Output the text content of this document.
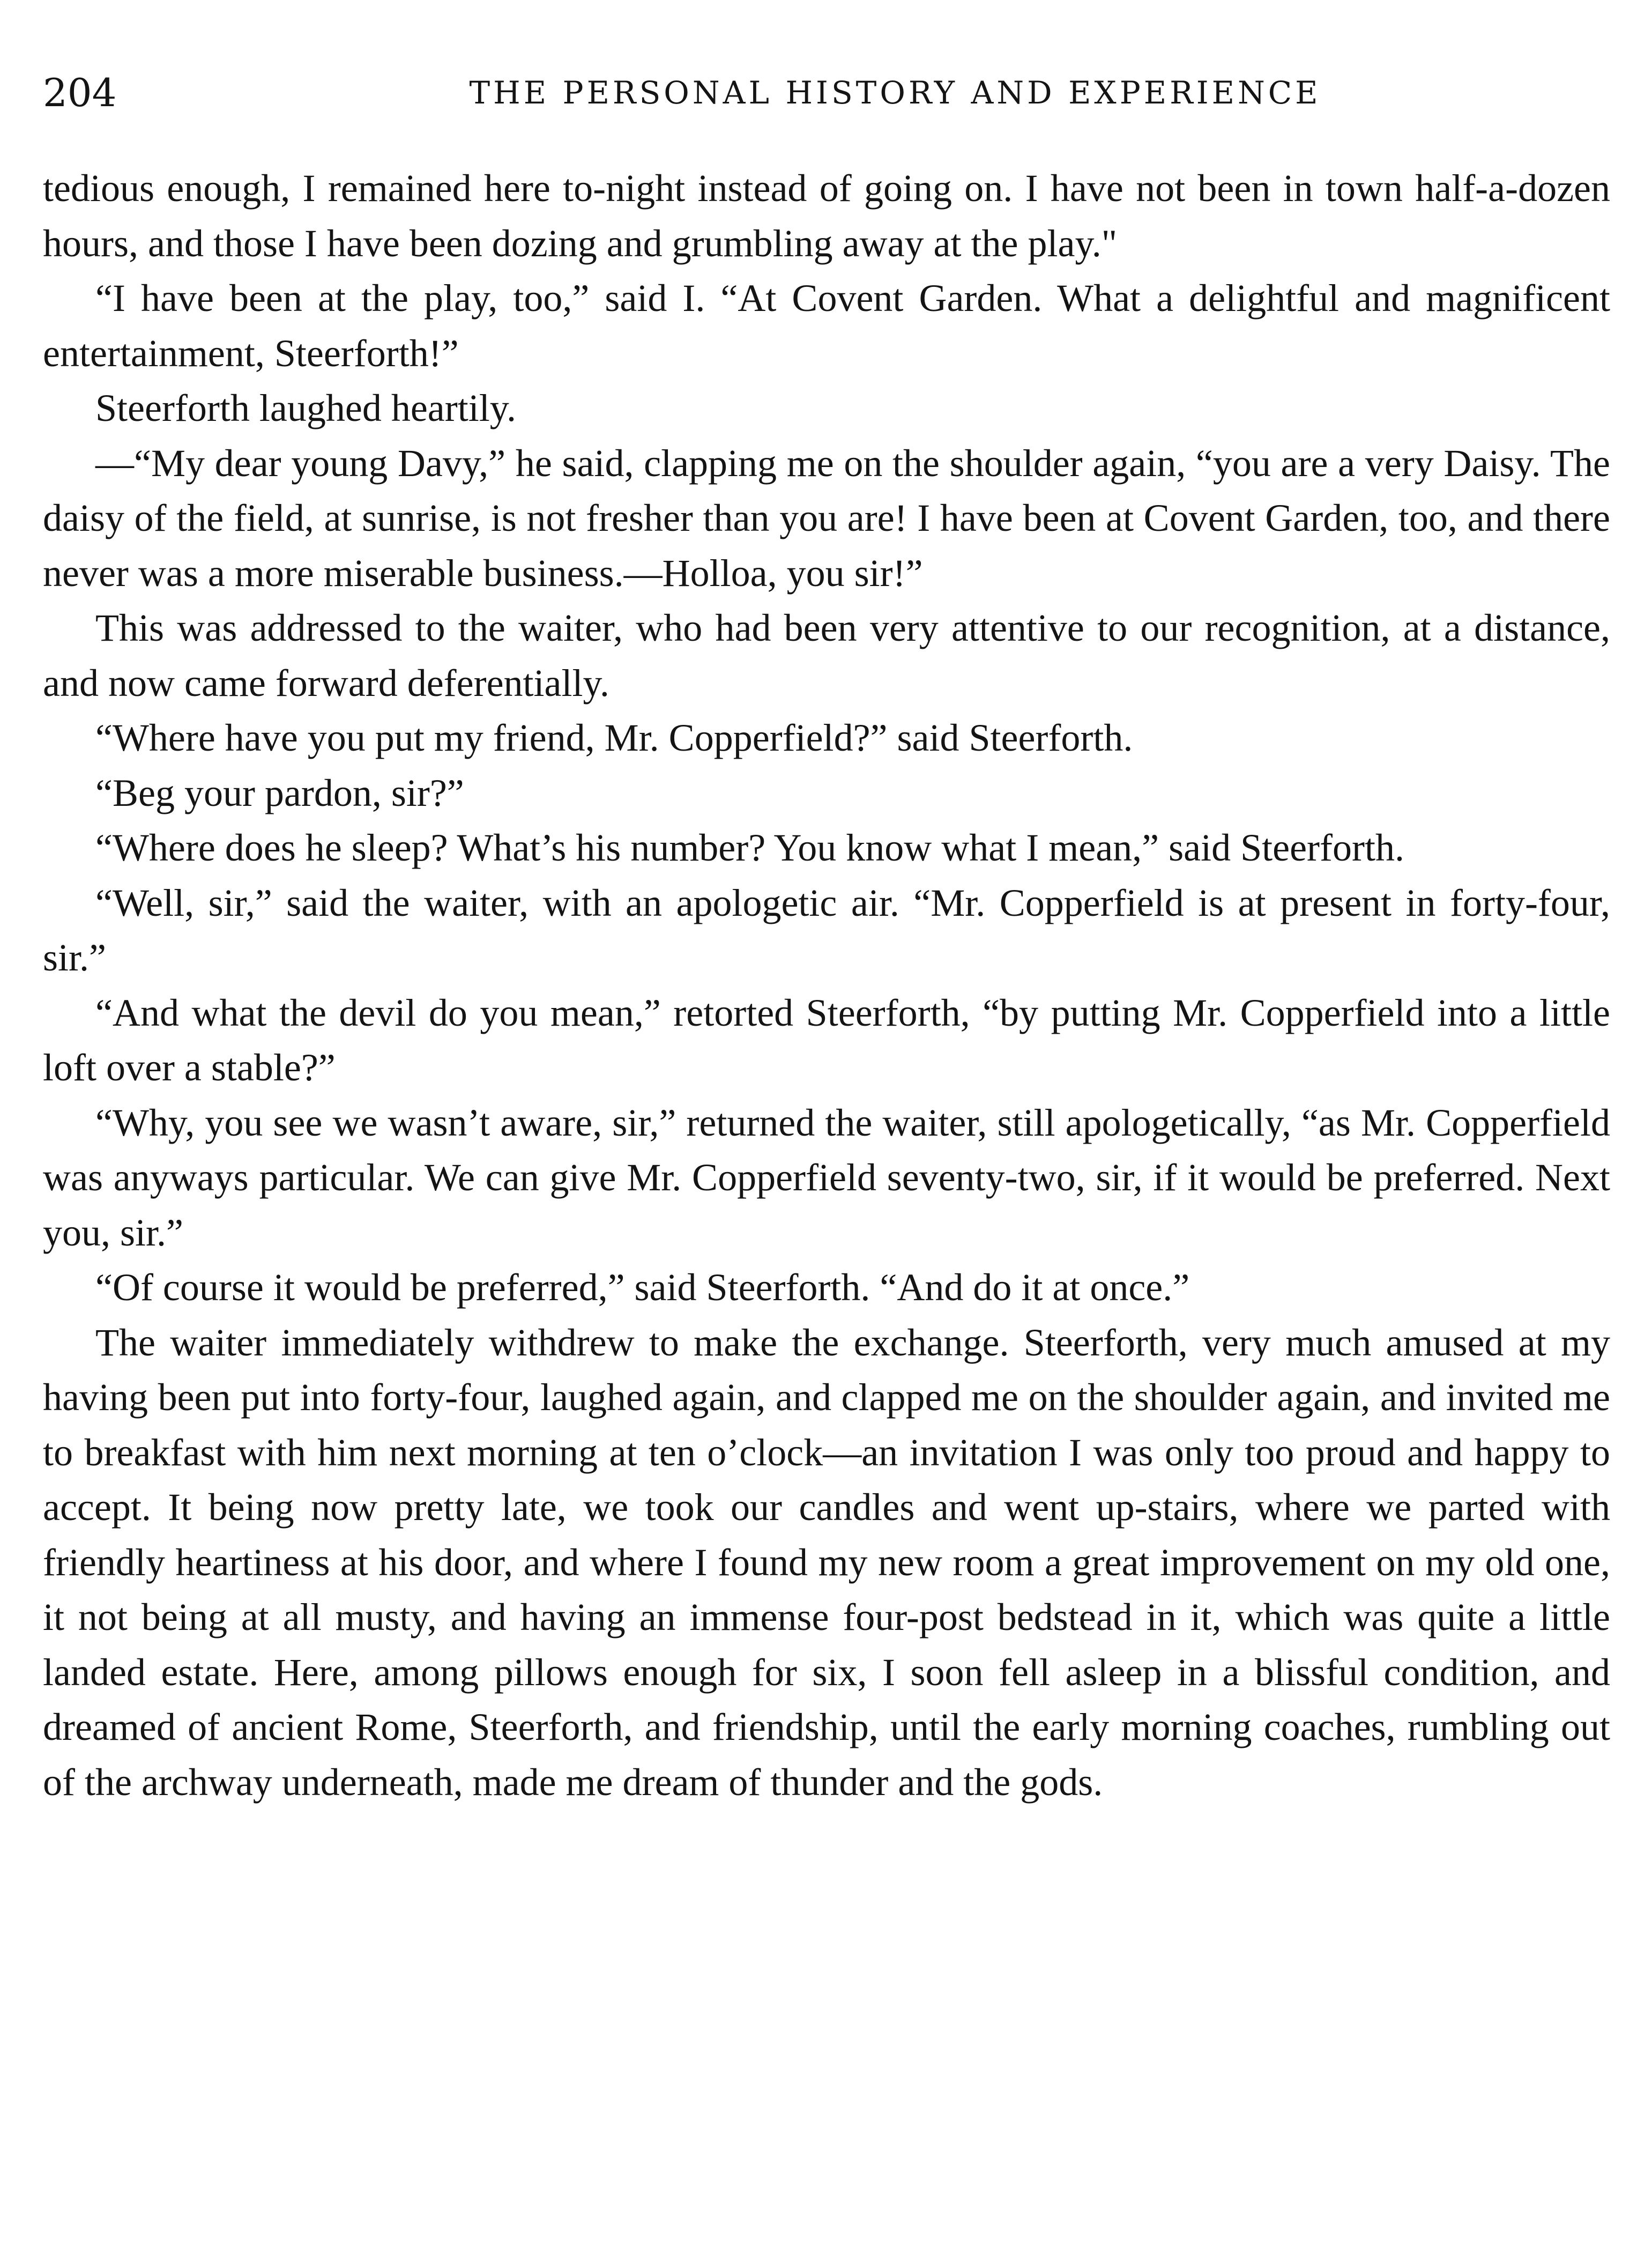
204	THE PERSONAL HISTORY AND EXPERIENCE

tedious enough, I remained here to-night instead of going on. I have not been in town half-a-dozen hours, and those I have been dozing and grumbling away at the play."

“I have been at the play, too,” said I. “At Covent Garden. What a delightful and magnificent entertainment, Steerforth!”

Steerforth laughed heartily.

—“My dear young Davy,” he said, clapping me on the shoulder again, “you are a very Daisy. The daisy of the field, at sunrise, is not fresher than you are! I have been at Covent Garden, too, and there never was a more miserable business.—Holloa, you sir!”

This was addressed to the waiter, who had been very attentive to our recognition, at a distance, and now came forward deferentially.

“Where have you put my friend, Mr. Copperfield?” said Steerforth.

“Beg your pardon, sir?”

“Where does he sleep? What’s his number? You know what I mean,” said Steerforth.

“Well, sir,” said the waiter, with an apologetic air. “Mr. Copperfield is at present in forty-four, sir.”

“And what the devil do you mean,” retorted Steerforth, “by putting Mr. Copperfield into a little loft over a stable?”

“Why, you see we wasn’t aware, sir,” returned the waiter, still apologetically, “as Mr. Copperfield was anyways particular. We can give Mr. Copperfield seventy-two, sir, if it would be preferred. Next you, sir.”

“Of course it would be preferred,” said Steerforth. “And do it at once.”

The waiter immediately withdrew to make the exchange. Steerforth, very much amused at my having been put into forty-four, laughed again, and clapped me on the shoulder again, and invited me to breakfast with him next morning at ten o’clock—an invitation I was only too proud and happy to accept. It being now pretty late, we took our candles and went up-stairs, where we parted with friendly heartiness at his door, and where I found my new room a great improvement on my old one, it not being at all musty, and having an immense four-post bedstead in it, which was quite a little landed estate. Here, among pillows enough for six, I soon fell asleep in a blissful condition, and dreamed of ancient Rome, Steerforth, and friendship, until the early morning coaches, rumbling out of the archway underneath, made me dream of thunder and the gods.
